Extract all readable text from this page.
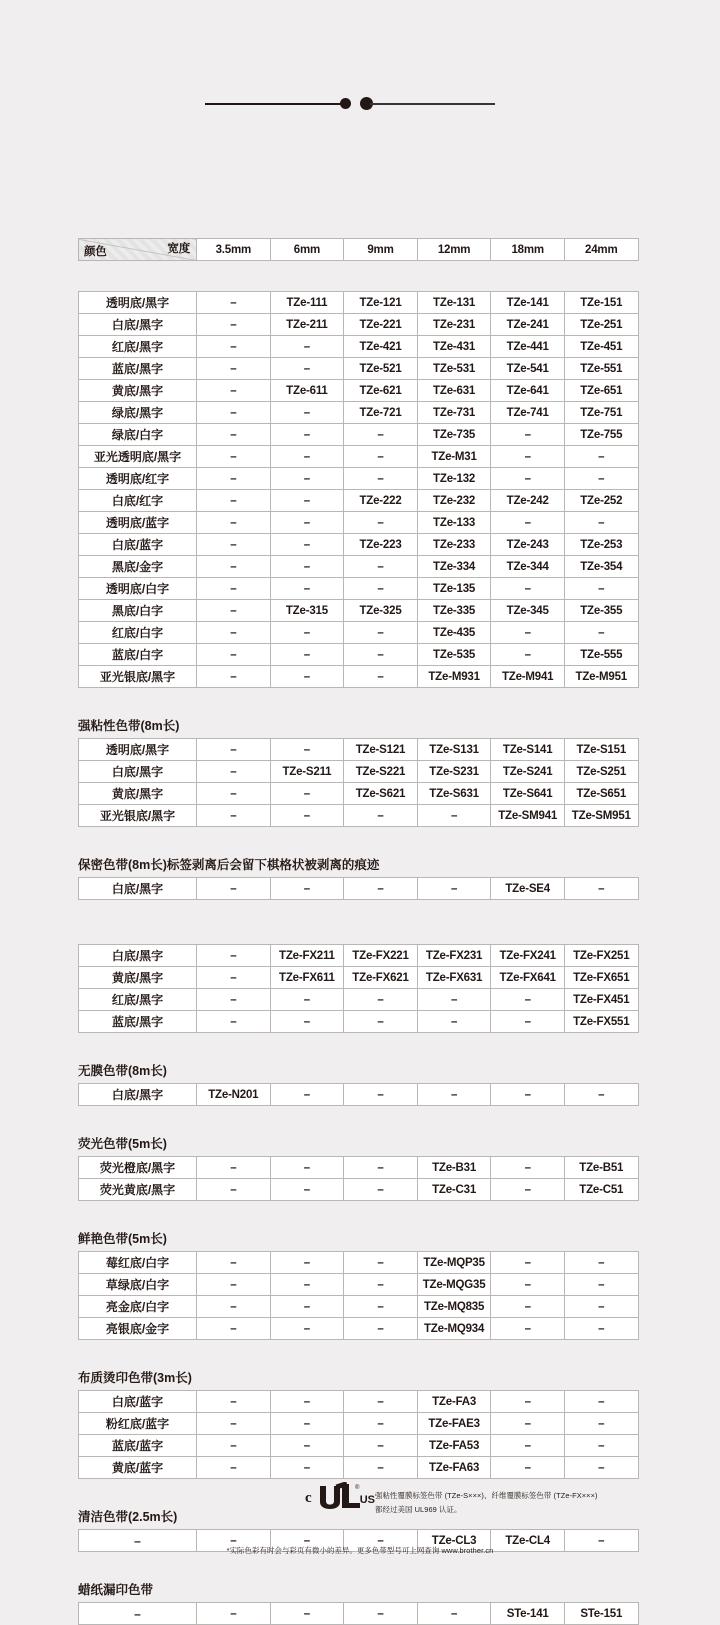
宽度
颜色	3.5mm	6mm	9mm	12mm	18mm	24mm
透明底/黑字	–	TZe-111	TZe-121	TZe-131	TZe-141	TZe-151
白底/黑字	–	TZe-211	TZe-221	TZe-231	TZe-241	TZe-251
红底/黑字	–	–	TZe-421	TZe-431	TZe-441	TZe-451
蓝底/黑字	–	–	TZe-521	TZe-531	TZe-541	TZe-551
黄底/黑字	–	TZe-611	TZe-621	TZe-631	TZe-641	TZe-651
绿底/黑字	–	–	TZe-721	TZe-731	TZe-741	TZe-751
绿底/白字	–	–	–	TZe-735	–	TZe-755
亚光透明底/黑字	–	–	–	TZe-M31	–	–
透明底/红字	–	–	–	TZe-132	–	–
白底/红字	–	–	TZe-222	TZe-232	TZe-242	TZe-252
透明底/蓝字	–	–	–	TZe-133	–	–
白底/蓝字	–	–	TZe-223	TZe-233	TZe-243	TZe-253
黑底/金字	–	–	–	TZe-334	TZe-344	TZe-354
透明底/白字	–	–	–	TZe-135	–	–
黑底/白字	–	TZe-315	TZe-325	TZe-335	TZe-345	TZe-355
红底/白字	–	–	–	TZe-435	–	–
蓝底/白字	–	–	–	TZe-535	–	TZe-555
亚光银底/黑字	–	–	–	TZe-M931	TZe-M941	TZe-M951
强粘性色带(8m长)
透明底/黑字	–	–	TZe-S121	TZe-S131	TZe-S141	TZe-S151
白底/黑字	–	TZe-S211	TZe-S221	TZe-S231	TZe-S241	TZe-S251
黄底/黑字	–	–	TZe-S621	TZe-S631	TZe-S641	TZe-S651
亚光银底/黑字	–	–	–	–	TZe-SM941	TZe-SM951
保密色带(8m长)标签剥离后会留下棋格状被剥离的痕迹
白底/黑字	–	–	–	–	TZe-SE4	–
白底/黑字	–	TZe-FX211	TZe-FX221	TZe-FX231	TZe-FX241	TZe-FX251
黄底/黑字	–	TZe-FX611	TZe-FX621	TZe-FX631	TZe-FX641	TZe-FX651
红底/黑字	–	–	–	–	–	TZe-FX451
蓝底/黑字	–	–	–	–	–	TZe-FX551
无膜色带(8m长)
白底/黑字	TZe-N201	–	–	–	–	–
荧光色带(5m长)
荧光橙底/黑字	–	–	–	TZe-B31	–	TZe-B51
荧光黄底/黑字	–	–	–	TZe-C31	–	TZe-C51
鲜艳色带(5m长)
莓红底/白字	–	–	–	TZe-MQP35	–	–
草绿底/白字	–	–	–	TZe-MQG35	–	–
亮金底/白字	–	–	–	TZe-MQ835	–	–
亮银底/金字	–	–	–	TZe-MQ934	–	–
布质烫印色带(3m长)
白底/蓝字	–	–	–	TZe-FA3	–	–
粉红底/蓝字	–	–	–	TZe-FAE3	–	–
蓝底/蓝字	–	–	–	TZe-FA53	–	–
黄底/蓝字	–	–	–	TZe-FA63	–	–
清洁色带(2.5m长)
–	–	–	–	TZe-CL3	TZe-CL4	–
蜡纸漏印色带
–	–	–	–	–	STe-141	STe-151
c
®
US 强粘性覆膜标签色带 (TZe-S×××)、纤维覆膜标签色带 (TZe-FX×××)
都经过美国 UL969 认证。
*实际色彩有时会与彩页有微小的差异。更多色带型号可上网查询 www.brother.cn
